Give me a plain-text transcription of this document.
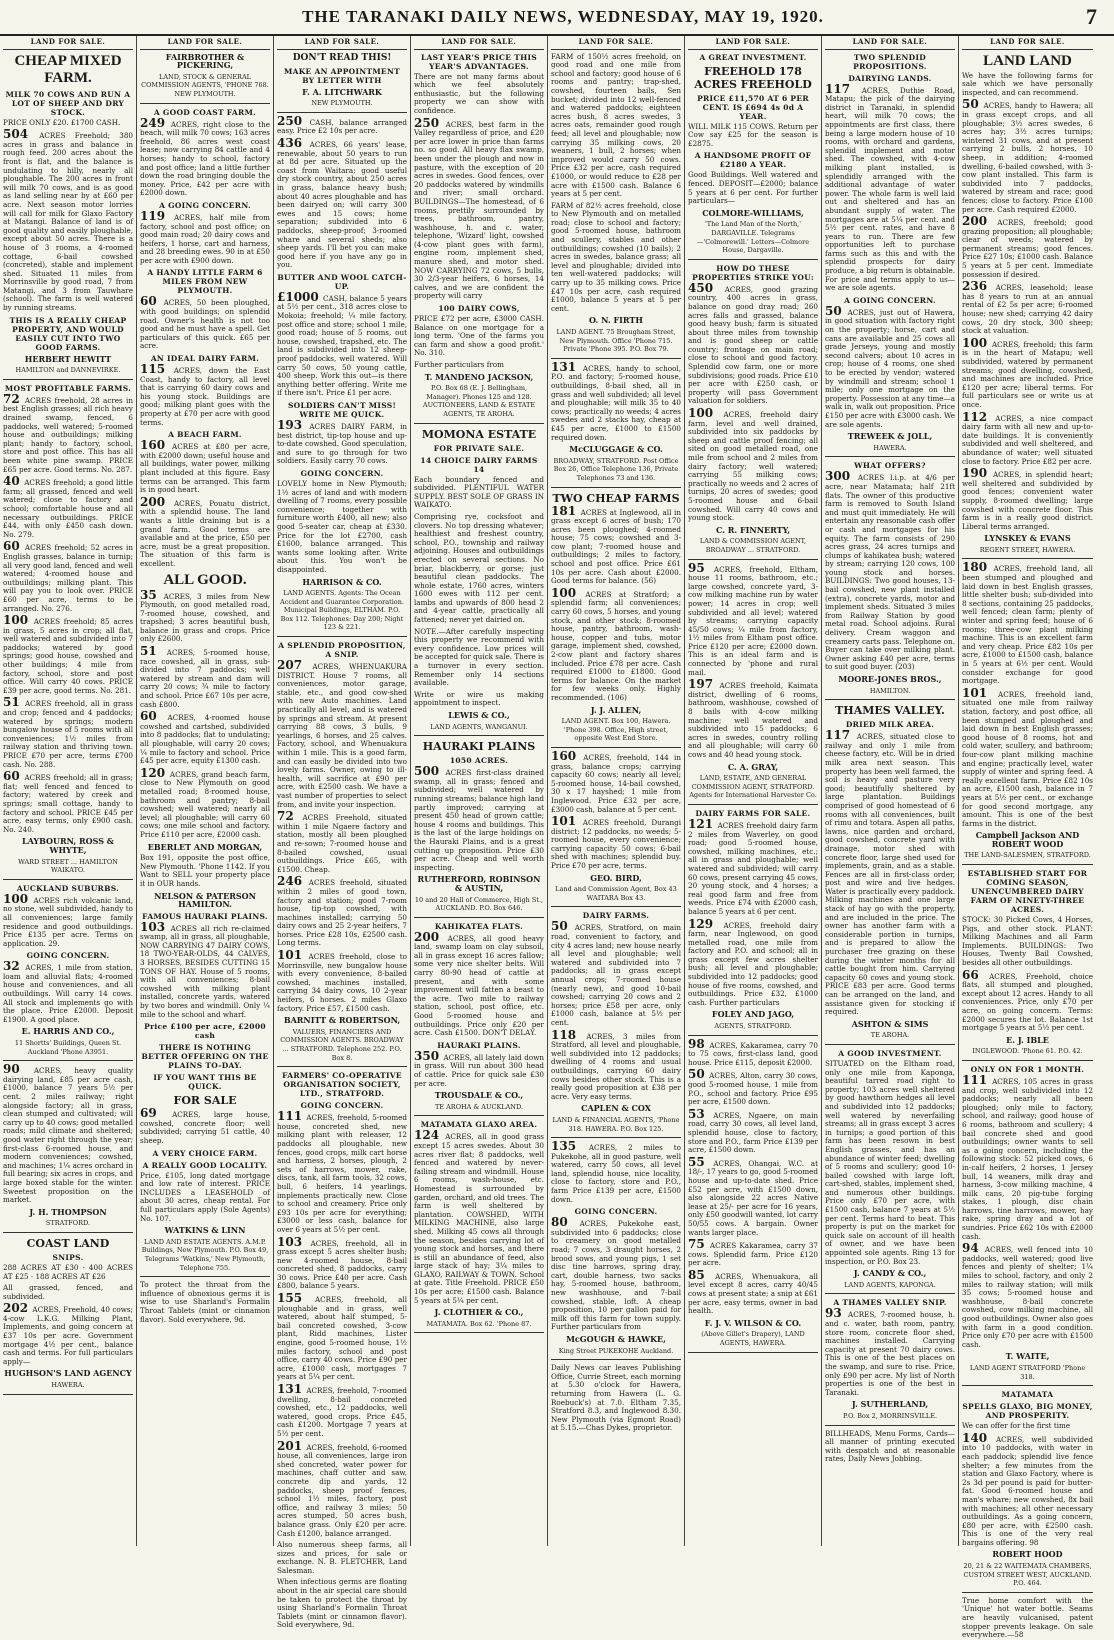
THE TARANAKI DAILY NEWS, WEDNESDAY, MAY 19, 1920.	7
LAND FOR SALE.
CHEAP MIXED FARM.
MILK 70 COWS AND RUN A LOT OF SHEEP AND DRY STOCK.

PRICE ONLY £20. £1700 CASH.

504 ACRES Freehold; 380 acres in grass and balance in rough feed. 200 acres about the front is flat, and the balance is undulating to hilly, nearly all ploughable. The 200 acres in front will milk 70 cows, and is as good as land selling near by at £60 per acre. Next season motor lorries will call for milk for Glaxo Factory at Matangi. Balance of land is of good quality and easily ploughable, except about 50 acres. There is a house of 3 rooms, a 4-roomed cottage, 6-bail cowshed (concreted), stable and implement shed. Situated 11 miles from Morrinsville by good road, 7 from Matangi, and 3 from Tauwhare (school). The farm is well watered by running streams.

THIS IS A REALLY CHEAP PROPERTY, AND WOULD EASILY CUT INTO TWO GOOD FARMS.
HERBERT HEWITT
HAMILTON and DANNEVIRKE.
MOST PROFITABLE FARMS.

72 ACRES freehold, 28 acres in best English grasses; all rich heavy drained swamp, fenced, 6 paddocks, well watered; 5-roomed house and outbuildings; milking plant; handy to factory, school, store and post office. This has all been white pine swamp. PRICE £65 per acre. Good terms. No. 287.

40 ACRES freehold; a good little farm; all grassed, fenced and well watered; close to factory and school; comfortable house and all necessary outbuildings. PRICE £44, with only £450 cash down. No. 279.

60 ACRES freehold; 52 acres in English grasses, balance in turnip; all very good land, fenced and well watered; 4-roomed house and outbuildings; milking plant. This will pay you to look over. PRICE £60 per acre, terms to be arranged. No. 276.

100 ACRES freehold; 85 acres in grass, 5 acres in crop; all flat, well watered and subdivided into 7 paddocks; watered by good springs; good house, cowshed and other buildings; 4 mile from factory, school, store and post office. Will carry 40 cows. PRICE £39 per acre, good terms. No. 281.

51 ACRES freehold, all in grass and crop; fenced and 4 paddocks; watered by springs; modern bungalow house of 5 rooms with all conveniences; 1½ miles from railway station and thriving town. PRICE £70 per acre, terms £700 cash. No. 288.

60 ACRES freehold; all in grass; flat; well fenced and fenced to factory; watered by creek and springs; small cottage, handy to factory and school. PRICE £45 per acre, easy terms, only £900 cash. No. 240.

LAYBOURN, ROSS & WHYTE,
WARD STREET ... HAMILTON WAIKATO.
AUCKLAND SUBURBS.

100 ACRES rich volcanic land, no stone, well subdivided, handy to all conveniences; large family residence and good outbuildings. Price £135 per acre. Terms on application. 29.

GOING CONCERN.

32 ACRES, 1 mile from station, loam and alluvial flats; 4-roomed house and conveniences, and all outbuildings. Will carry 14 cows. All stock and implements go with the place. Price £2000. Deposit £1900. A good place.

E. HARRIS AND CO.,
11 Shortts' Buildings, Queen St. Auckland 'Phone A3951.

90 ACRES, heavy quality dairying land, £85 per acre cash, £1000, balance 7 years 5½ per cent. 2 miles railway; right alongside factory; all in grass, clean stumped and cultivated; will carry up to 40 cows; good metalled roads; mild climate and sheltered; good water right through the year; first-class 6-roomed house, and modern conveniences; cowshed, and machines; 1¼ acres orchard in full bearing; six acres in crops, and large boxed stable for the winter. Sweetest proposition on the market.

J. H. THOMPSON
STRATFORD.
COAST LAND
SNIPS.

288 ACRES AT £30 · 400 ACRES AT £25 · 188 ACRES AT £26

All grassed, fenced, and subdivided.

202 ACRES, Freehold, 40 cows; 4-cow L.K.G. Milking Plant, Implements, and going concern at £37 10s per acre. Government mortgage 4½ per cent., balance cash and terms. For full particulars apply—

HUGHSON'S LAND AGENCY
HAWERA.
LAND FOR SALE.
FAIRBROTHER & PICKERING,
LAND, STOCK & GENERAL COMMISSION AGENTS, 'PHONE 768. NEW PLYMOUTH.
A GOOD COAST FARM.

249 ACRES, right close to the beach, will milk 70 cows; 163 acres freehold, 86 acres west coast lease; now carrying 84 cattle and 4 horses; handy to school, factory and post office; land a little further down the road bringing double the money. Price, £42 per acre with £2000 down.

A GOING CONCERN.

119 ACRES, half mile from factory, school and post office; on good main road; 20 dairy cows and heifers, 1 horse, cart and harness, and 28 breeding ewes. 90 in at £50 per acre with £900 down.

A HANDY LITTLE FARM 6 MILES FROM NEW PLYMOUTH.

60 ACRES, 50 been ploughed, with good buildings; on splendid road. Owner's health is not too good and he must have a spell. Get particulars of this quick. £65 per acre.

AN IDEAL DAIRY FARM.

115 ACRES, down the East Coast, handy to factory, all level that is carrying 60 dairy cows and his young stock. Buildings are good; milking plant goes with the property at £70 per acre with good terms.

A BEACH FARM.

160 ACRES at £80 per acre, with £2000 down; useful house and all buildings, water power, milking plant included at this figure. Easy terms can be arranged. This farm is in good heart.

200 ACRES, Pouatu district, with a splendid house. The land wants a little draining but is a grand farm. Good terms are available and at the price, £50 per acre, must be a great proposition. The situation of this farm is excellent.

ALL GOOD.

35 ACRES, 3 miles from New Plymouth, on good metalled road, 7-roomed house, cowshed, and trapshed; 3 acres beautiful bush, balance in grass and crops. Price only £2600.

51 ACRES, 5-roomed house, race cowshed, all in grass, sub-divided into 7 paddocks; well watered by stream and dam will carry 20 cows; ¾ mile to factory and school. Price £67 10s per acre, cash £800.

60 ACRES, 4-roomed house cowshed and cartshed, subdivided into 8 paddocks; flat to undulating; all ploughable, will carry 20 cows; ¼ mile to factory and school. Price £45 per acre, equity £1300 cash.

120 ACRES, grand beach farm, close to New Plymouth on good metalled road; 8-roomed house, bathroom and pantry; 8-bail cowshed; well watered; nearly all level; all ploughable; will carry 60 cows; one mile school and factory. Price £110 per acre, £2000 cash.

EBERLET AND MORGAN,

Box 191, opposite the post office, New Plymouth. 'Phone 1142. If you Want to SELL your property place it in OUR hands.

NELSON & PATERSON HAMILTON.
FAMOUS HAURAKI PLAINS.

103 ACRES all rich re-claimed swamp, all in grass, all ploughable, NOW CARRYING 47 DAIRY COWS, 18 TWO-YEAR-OLDS, 44 CALVES, 3 HORSES, BESIDES CUTTING 15 TONS OF HAY. House of 5 rooms, with all conveniences; 8-bail cowshed with milking plant installed, concrete yards, watered by two bores and windmill. Only ¼ mile to the school and wharf.

Price £100 per acre, £2000 cash
THERE IS NOTHING BETTER OFFERING ON THE PLAINS TO-DAY.
IF YOU WANT THIS BE QUICK.
FOR SALE

69 ACRES, large house, cowshed, concrete floor; well subdivided; carrying 51 cattle, 40 sheep.

A VERY CHOICE FARM.
A REALLY GOOD LOCALITY.

Price, £105, long dated mortgage and low rate of interest. PRICE INCLUDES a LEASEHOLD of about 30 acres, cheap rental. For full particulars apply (Sole Agents) No. 107.

WATKINS & LINN
LAND AND ESTATE AGENTS. A.M.P. Buildings, New Plymouth. P.O. Box 49, Telegrams 'Watkins,' New Plymouth, Telephone 755.

To protect the throat from the influence of obnoxious germs it is wise to use Sharland's Formalin Throat Tablets (mint or cinnamon flavor). Sold everywhere, 9d.

LAND FOR SALE.
DON'T READ THIS!
MAKE AN APPOINTMENT BY LETTER WITH
F. A. LITCHWARK
NEW PLYMOUTH.

250 CASH, balance arranged easy. Price £2 10s per acre.

436 ACRES, 66 years' lease, renewable, about 50 years to run at 8d per acre. Situated up the coast from Waitara; good useful dry stock country, about 250 acres in grass, balance heavy bush; about 40 acres ploughable and has been dairyed on; will carry 300 ewes and 15 cows; home separation; subdivided into 6 paddocks, sheep-proof; 3-roomed whare and several sheds; also sheep yards. I'll bet you can make good here if you have any go in you.

BUTTER AND WOOL CATCH-UP.

£1000 CASH, balance 5 years at 5½ per cent., 318 acres close to Mokoia; freehold; ¼ mile factory, post office and store; school 1 mile, good road; house of 5 rooms, out house, cowshed, trapshed, etc. The land is subdivided into 12 sheep-proof paddocks, well watered. Will carry 50 cows, 50 young cattle, 400 sheep. Work this out—is there anything better offering. Write me if there isn't. Price £1 per acre.

SOLDIERS CAN'T MISS! WRITE ME QUICK.

193 ACRES DAIRY FARM, in best district, tip-top house and up-to-date cowshed. Good speculation, and sure to go through for two soldiers. Easily carry 70 cows.

GOING CONCERN.

LOVELY home in New Plymouth; 1½ acres of land and with modern dwelling of 7 rooms, every possible convenience; together with furniture worth £400, all new; also good 5-seater car, cheap at £330. Price for the lot £2700, cash £1600, balance arranged. This wants some looking after. Write about this. You won't be disappointed.

HARRISON & CO.
LAND AGENTS. Agents: The Ocean Accident and Guarantee Corporation. Municipal Buildings, ELTHAM. P.O. Box 112. Telephones: Day 200; Night 123 & 221.
A SPLENDID PROPOSITION, A SNIP.

207 ACRES, WHENUAKURA DISTRICT. House 7 rooms, all conveniences, motor garage, stable, etc., and good cow-shed with new Auto machines. Land practically all level, and is watered by springs and stream. At present carrying 88 cows, 3 bulls, 9 yearlings, 6 horses, and 25 calves. Factory, school, and Whenuakura within 1 mile. This is a good farm, and can easily be divided into two lovely farms. Owner, owing to ill-health, will sacrifice at £90 per acre, with £2500 cash. We have a vast number of properties to select from, and invite your inspection.

72 ACRES Freehold, situated within 1 mile Ngaere factory and station, mostly all been ploughed and re-sown; 7-roomed house and 8-bailed cowshed, usual outbuildings. Price £65, with £1500. Cheap.

246 ACRES freehold, situated within 2 miles of good town, factory and station; good 7-room house, tip-top cowshed, with machines installed; carrying 50 dairy cows and 25 2-year heifers, 7 horses. Price £28 10s, £2500 cash. Long terms.

101 ACRES freehold, close to Morrinsville, new bungalow house with every convenience, 8-bailed cowshed, machines installed, carrying 34 dairy cows, 10 2-year heifers, 6 horses. 2 miles Glaxo factory. Price £57, £1500 cash.

BARNITT & ROBERTSON,
VALUERS, FINANCIERS AND COMMISSION AGENTS. BROADWAY ... STRATFORD. Telephone 252. P.O. Box 8.
FARMERS' CO-OPERATIVE ORGANISATION SOCIETY, LTD., STRATFORD.
GOING CONCERN.

111 ACRES, freehold, 5-roomed house, concreted shed, new milking plant with releaser, 12 paddocks all ploughable, new fences, good crops, milk cart horse and harness, 2 horses, plough, 2 sets of harrows, mower, rake, discs, tank, all farm tools, 32 cows, bull, 6 heifers, 14 yearlings, implements practically new. Close to school and creamery. Price only £93 10s per acre for everything; £3000 or less cash, balance for over 6 years at 5½ per cent.

103 ACRES, freehold, all in grass except 5 acres shelter bush; new 4-roomed house, 8-bail concreted shed, 8 paddocks, carry 30 cows. Price £40 per acre. Cash £800, balance 5 years.

155 ACRES, freehold, all ploughable and in grass, well watered, about half stumped, 5-bail concreted cowshed, 3-cow plant, Ridd machines, Lister engine, good 5-roomed house, 1½ miles factory, school and post office, carry 40 cows. Price £90 per acre, £1000 cash, mortgages 7 years at 5¼ per cent.

131 ACRES, freehold, 7-roomed dwelling, 8-bail concreted cowshed, etc., 12 paddocks, well watered, good crops. Price £45, cash £1200. Mortgage 7 years at 5½ per cent.

201 ACRES, freehold, 6-roomed house, all conveniences, large iron shed concreted, water power for machines, chaff cutter and saw, concrete dip and yards, 12 paddocks, sheep proof fences, school 1½ miles, factory, post office, and railway 3 miles; 50 acres stumped, 50 acres bush, balance grass. Only £20 per acre. Cash £1200, balance arranged.

Also numerous sheep farms, all sizes and prices, for sale or exchange. N. B. FLETCHER, Land Salesman.

When infectious germs are floating about in the air special care should be taken to protect the throat by using Sharland's Formalin Throat Tablets (mint or cinnamon flavor). Sold everywhere, 9d.

LAND FOR SALE.
LAST YEAR'S PRICE THIS YEAR'S ADVANTAGES.

There are not many farms about which we feel absolutely enthusiastic, but the following property we can show with confidence.

250 ACRES, best farm in the Valley regardless of price, and £20 per acre lower in price than farms no. so good. All heavy flax swamp, been under the plough and now in pasture, with the exception of 20 acres in swedes. Good fences, over 20 paddocks watered by windmills and river; small orchard. BUILDINGS—The homestead, of 6 rooms, prettily surrounded by trees, bathroom, pantry, washhouse, h. and c. water, telephone, 'Wizard' light, cowshed (4-cow plant goes with farm), engine room, implement shed, manure shed, and motor shed. NOW CARRYING 72 cows, 5 bulls, 30 2/3-year heifers, 6 horses, 14 calves, and we are confident the property will carry

100 DAIRY COWS,

PRICE £72 per acre, £3000 CASH. Balance on one mortgage for a long term. 'One of the farms you can farm and show a good profit.' No. 310.

Further particulars from

T. MANDENO JACKSON,
P.O. Box 68 (E. J. Bellingham, Manager). Phones 125 and 128. AUCTIONEERS, LAND & ESTATE AGENTS, TE AROHA.
MOMONA ESTATE
FOR PRIVATE SALE.
14 CHOICE DAIRY FARMS 14

Each boundary fenced and subdivided. PLENTIFUL WATER SUPPLY. BEST SOLE OF GRASS IN WAIKATO.

Comprising rye, cocksfoot and clovers. No top dressing whatever; healthiest and freshest country, school, P.O., township and railway adjoining. Houses and outbuildings erected on several sections. No briar, blackberry, or gorse; just beautiful clean paddocks. The whole estate, 1760 acres, winters 1600 ewes with 112 per cent. lambs and upwards of 800 head 2 and 4-year cattle, practically all fattened; never yet dairied on.

NOTE.—After carefully inspecting this property we recommend with every confidence. Low prices will be accepted for quick sale. There is a turnover in every section. Remember only 14 sections available.

Write or wire us making appointment to inspect.

LEWIS & CO.,
LAND AGENTS, WANGANUI.
HAURAKI PLAINS
1050 ACRES.

500 ACRES first-class drained swamp, all in grass; fenced and subdivided; well watered by running streams; balance high land partly improved; carrying at present 450 head of grown cattle; house 4 rooms and buildings. This is the last of the large holdings on the Hauraki Plains, and is a great cutting up proposition. Price £30 per acre. Cheap and well worth inspecting.

RUTHERFORD, ROBINSON & AUSTIN,
10 and 20 Hall of Commerce, High St., AUCKLAND. P.O. Box 646.
KAHIKATEA FLATS.

200 ACRES, all good heavy land, swamp loam on clay subsoil, all in grass except 16 acres fallow; some very nice shelter belts. Will carry 80-90 head of cattle at present, and with some improvement will fatten a beast to the acre. Two mile to railway station, school, post office, etc. Good 5-roomed house and outbuildings. Price only £20 per acre. Cash £1500. DON'T DELAY.

HAURAKI PLAINS.

350 ACRES, all lately laid down in grass. Will run about 300 head of cattle. Price for quick sale £30 per acre.

TROUSDALE & CO.,
TE AROHA & AUCKLAND.
MATAMATA GLAXO AREA.

124 ACRES, all in good grass except 15 acres swedes. About 30 acres river flat; 8 paddocks, well fenced and watered by never-failing stream and windmill. House 6 rooms, wash-house, etc. Homestead is surrounded by garden, orchard, and old trees. The farm is well sheltered by plantation. COWSHED, WITH MILKING MACHINE, also large shed. Milking 45 cows all through the season, besides carrying lot of young stock and horses, and there is still an abundance of feed, also large stack of hay; 3¼ miles to GLAXO, RAILWAY & TOWN. School at gate. Title Freehold. PRICE £50 10s per acre; £1500 cash. Balance 5 years at 5¼ per cent.

J. CLOTHIER & CO.,
MATAMATA. Box 62. 'Phone 87.
LAND FOR SALE.

FARM of 150½ acres freehold, on good road and one mile from school and factory; good house of 6 rooms and pantry; trap-shed, cowshed, fourteen bails, Sen bucket; divided into 12 well-fenced and watered paddocks; eighteen acres bush, 8 acres swedes, 3 acres oats, remainder good rough feed; all level and ploughable; now carrying 35 milking cows, 20 weaners, 1 bull, 2 horses; when improved would carry 50 cows. Price £32 per acre, cash required £1000, or would reduce to £28 per acre with £1500 cash. Balance 6 years at 5 per cent.

FARM of 82½ acres freehold, close to New Plymouth and on metalled road; close to school and factory; good 5-roomed house, bathroom and scullery, stables and other outbuildings; cowshed (10 bails); 2 acres in swedes, balance grass; all level and ploughable; divided into ten well-watered paddocks; will carry up to 35 milking cows. Price £47 10s per acre, cash required £1000, balance 5 years at 5 per cent.

O. N. FIRTH
LAND AGENT. 75 Brougham Street, New Plymouth. Office 'Phone 715. Private 'Phone 395. P.O. Box 79.

131 ACRES, handy to school, P.O. and factory; 5-roomed house, outbuildings, 8-bail shed, all in grass and well subdivided; all level and ploughable; will milk 35 to 40 cows; practically no weeds; 4 acres swedes and 2 stacks hay, cheap at £45 per acre, £1000 to £1500 required down.

McCLUGGAGE & CO.
BROADWAY, STRATFORD. Post Office Box 26, Office Telephone 136, Private Telephones 73 and 136.
TWO CHEAP FARMS

181 ACRES at Inglewood, all in grass except 6 acres of bush; 170 acres been ploughed; 4-roomed house; 75 cows; cowshed and 3-cow plant; 7-roomed house and outbuildings; 2 miles to factory, school and post office. Price £61 10s per acre. Cash about £2000. Good terms for balance. (56)

100 ACRES at Stratford; a splendid farm; all conveniences; carry 60 cows, 5 horses, and young stock, and other stock; 8-roomed house, pantry, bathroom, wash-house, copper and tubs, motor garage, implement shed, cowshed, 2-cow plant and factory shares included. Price £78 per acre. Cash required £1000 to £1800. Good terms for balance. On the market for few weeks only. Highly recommended. (106)

J. J. ALLEN,
LAND AGENT. Box 100, Hawera. 'Phone 398. Office, High street, opposite West End Store.

160 ACRES, freehold, 144 in grass, balance crops; carrying capacity 60 cows; nearly all level; 5-roomed house, 14-bail cowshed, 30 x 17 hayshed; 1 mile from Inglewood. Price £32 per acre, £3000 cash, balance at 5 per cent.

101 ACRES freehold, Durangi district; 12 paddocks, no weeds; 5-roomed house, every convenience; carrying capacity 50 cows; 6-bail shed with machines; splendid buy. Price £70 per acre, terms.

GEO. BIRD,
Land and Commission Agent, Box 43 WAITARA Box 43.
DAIRY FARMS.

50 ACRES, Stratford, on main road, convenient to factory, and city 4 acres land; new house nearly all level and ploughable; well watered and subdivided into 7 paddocks; all in grass except annual crops; 7-roomed house (nearly new), and good 10-bail cowshed; carrying 20 cows and 2 horses; price £58 per acre, only £1000 cash, balance at 5½ per cent.

118 ACRES, 3 miles from Stratford, all level and ploughable, well subdivided into 12 paddocks; dwelling of 4 rooms and usual outbuildings, carrying 60 dairy cows besides other stock. This is a really good proposition at £38 per acre. Very easy terms.

CAPLEN & COX
LAND & FINANCIAL AGENTS, 'Phone 318. HAWERA. P.O. Box 125.

135 ACRES, 2 miles to Pukekohe, all in good pasture, well watered, carry 50 cows, all level land, splendid house, nice locality, close to factory, store and P.O., farm Price £139 per acre, £1500 down.

GOING CONCERN.

80 ACRES, Pukekohe east, subdivided into 6 paddocks; close to creamery on good metalled road; 7 cows, 3 draught horses, 2 brood sows, and young pigs, 1 set disc tine harrows, spring dray, cart, double harness, two sacks hay, 5-roomed house, bathroom, new washhouse, and 7-bail cowshed, stable, loft. A cheap proposition, 10 per gallon paid for milk off this farm for town supply. Further particulars from

McGOUGH & HAWKE,
King Street PUKEKOHE Auckland.

Daily News car leaves Publishing Office, Currie Street, each morning at 5.30 o'clock for Hawera, returning from Hawera (L. G. Roebuck's) at 7.0. Eltham 7.35, Stratford 8.3, and Inglewood 8.30. New Plymouth (via Egmont Road) at 5.15.—Chas Dykes, proprietor.

LAND FOR SALE.
A GREAT INVESTMENT.
FREEHOLD 178 ACRES FREEHOLD
PRICE £11,570 AT 6 PER CENT. IS £694 4s 0d A YEAR.

WILL MILK 115 COWS. Return per Cow say £25 for the season is £2875.

A HANDSOME PROFIT OF £2180 A YEAR.

Good Buildings. Well watered and fenced. DEPOSIT—£2000; balance 5 years at 6 per cent. For further particulars—

COLMORE-WILLIAMS,
'The Land Man of the North,' DARGAVILLE. Telegrams—'Colmorewill.' Letters—Colmore House, Dargaville.
HOW DO THESE PROPERTIES STRIKE YOU:

450 ACRES, good grazing country, 400 acres in grass, balance on good dray road; 260 acres falls and grassed, balance good heavy bush; farm is situated about three miles from township and is good sheep or cattle country; frontage on main road; close to school and good factory. Splendid cow farm, one or more subdivisions; good roads. Price £10 per acre with £250 cash, or property will pass Government valuation for soldiers.

100 ACRES, freehold dairy farm, level and well drained, subdivided into six paddocks by sheep and cattle proof fencing; all sited on good metalled road, one mile from school and 2 miles from dairy factory; well watered; carrying 55 milking cows; practically no weeds and 2 acres of turnips, 20 acres of swedes; good 5-roomed house and 6-bail cowshed. Will carry 40 cows and young stock.

C. R. FINNERTY,
LAND & COMMISSION AGENT, BROADWAY ... STRATFORD.

95 ACRES, freehold, Eltham, house 11 rooms, bathroom, etc.; large cowshed, concrete yard, 3-cow milking machine run by water power; 14 acres in crop; well subdivided and all level; watered by streams; carrying capacity 45/50 cows; ¼ mile from factory, 1½ miles from Eltham post office. Price £120 per acre; £2000 down. This is an ideal farm and is connected by 'phone and rural mail.

197 ACRES freehold, Kaimata district, dwelling of 6 rooms, bathroom, washhouse, cowshed of 8 bails with 4-cow milking machine; well watered and subdivided into 15 paddocks; 6 acres in swedes, country rolling and all ploughable; will carry 60 cows and 40 head young stock.

C. A. GRAY,
LAND, ESTATE, AND GENERAL COMMISSION AGENT, STRATFORD. Agents for International Harvester Co.
DAIRY FARMS FOR SALE.

121 ACRES freehold dairy farm 2 miles from Waverley, on good road; good 5-roomed house, cowshed, milking machines, etc.; all in grass and ploughable; well watered and subdivided; will carry 60 cows, present carrying 45 cows, 20 young stock, and 4 horses; a real good farm and free from weeds. Price £74 with £2000 cash, balance 5 years at 6 per cent.

129 ACRES, freehold dairy farm, near Inglewood, on good metalled road, one mile from factory and P.O. and school; all in grass except few acres shelter bush; all level and ploughable; subdivided into 12 paddocks; good house of five rooms, cowshed, and outbuildings. Price £32, £1000 cash. Further particulars

FOLEY AND JAGO,
AGENTS, STRATFORD.

98 ACRES, Kakaramea, carry 70 to 75 cows, first-class land, good house. Price £115, deposit £2000.

50 ACRES, Alton, carry 30 cows, good 5-roomed house, 1 mile from P.O., school and factory. Price £95 per acre, £1500 down.

53 ACRES, Ngaere, on main road, carry 30 cows, all level land, splendid house, close to factory, store and P.O., farm Price £139 per acre, £1500 down.

55 ACRES, Ohangai, W.C. at 18/-, 17 years to go, good 5-roomed house and up-to-date shed. Price £52 per acre, with £1500 down, also alongside 22 acres Native lease at 25/- per acre for 16 years, only £50 goodwill wanted, lot carry 50/55 cows. A bargain. Owner wants larger place.

75 ACRES Kakaramea, carry 37 cows. Splendid farm. Price £120 per acre.

85 ACRES, Whenuakura, all level except 8 acres, carry 40/45 cows at present state; a snip at £61 per acre, easy terms, owner in bad health.

F. J. V. WILSON & CO.
(Above Gillet's Drapery), LAND AGENTS, HAWERA.
LAND FOR SALE.
TWO SPLENDID PROPOSITIONS.
DAIRYING LANDS.

117 ACRES, Duthie Road, Matapu; the pick of the dairying district in Taranaki, in splendid heart, will milk 70 cows; the appointments are first class, there being a large modern house of 10 rooms, with orchard and gardens, splendid implement and motor shed. The cowshed, with 4-cow milking plant installed, is splendidly arranged with the additional advantage of water power. The whole farm is well laid out and sheltered and has an abundant supply of water. The mortgages are at 5¼ per cent. and 5½ per cent. rates, and have 8 years to run. There are few opportunities left to purchase farms such as this and with the splendid prospects for dairy produce, a big return is obtainable. For price and terms apply to us—we are sole agents.

A GOING CONCERN.

50 ACRES, just out of Hawera, in good situation with factory right on the property; horse, cart and cans are available and 25 cows all grade Jerseys, young and mostly second calvers; about 10 acres in crop; house of 4 rooms, one shed to be erected by vendor; watered by windmill and stream; school 1 mile; only one mortgage on the property. Possession at any time—a walk in, walk out proposition. Price £150 per acre with £3000 cash. We are sole agents.

TREWEEK & JOLL,
HAWERA.
WHAT OFFERS?

300 ACRES l.i.p. at 4/6 per acre, near Matamata; half 21ft flats. The owner of this productive farm is removed to South Island and must quit immediately. He will entertain any reasonable cash offer or cash and mortgages for his equity. The farm consists of 290 acres grass, 24 acres turnips and clumps of kahikatea bush; watered by stream; carrying 120 cows, 100 young stock and horses. BUILDINGS: Two good houses, 13-bail cowshed, new plant installed (extra), concrete yards, motor and implement sheds. Situated 3 miles from Railway Station by good metal road. School adjoins. Rural delivery. Cream waggon and creamery carts pass. Telephone on. Buyer can take over milking plant. Owner asking £40 per acre, terms to suit good buyer. (203)

MOORE-JONES BROS.,
HAMILTON.
THAMES VALLEY.
DRIED MILK AREA.

117 ACRES, situated close to railway and only 1 mile from cheese factory, etc. Will be in dried milk area next season. This property has been well farmed, the soil is heavy and pasture very good; beautifully sheltered by large plantation. Buildings comprised of good homestead of 6 rooms with all conveniences, built of rimu and totara. Aspen all paths, lawns, nice garden and orchard, good cowshed, concrete yard with drainage, motor shed with concrete floor, large shed used for implements, grain, and as a stable. Fences are all in first-class order, post and wire and live hedges. Water is practically every paddock. Milking machines and one large stack of hay go with the property, and are included in the price. The owner has another farm with a considerable portion in turnips, and is prepared to allow the purchaser free grazing on these during the winter months for all cattle bought from him. Carrying capacity 60 cows and young stock. PRICE £83 per acre. Good terms can be arranged on the land, and assistance given for stocking if required.

ASHTON & SIMS
TE AROHA.
A GOOD INVESTMENT.

SITUATED on the Eltham road, only one mile from Kaponga, beautiful tarred road right to property; 103 acres well sheltered by good hawthorn hedges all level and subdivided into 12 paddocks; well watered by neverfailing streams; all in grass except 3 acres in turnips; a good portion of this farm has been resown in best English grasses, and has an abundance of winter feed; dwelling of 5 rooms and scullery; good 10-bailed cowshed with large loft, cart-shed, stables, implement shed, and numerous other buildings. Price only £70 per acre, with £1500 cash, balance 7 years at 5½ per cent. Terms hard to beat. This property is put on the market for quick sale on account of ill health of owner, and we have been appointed sole agents. Ring 13 for inspection, or P.O. Box 23.

J. CANDY & CO.,
LAND AGENTS, KAPONGA.
A THAMES VALLEY SNIP.

93 ACRES, 7-roomed house, h. and c. water, bath room, pantry, store room, concrete floor shed, machines installed. Carrying capacity at present 70 dairy cows. This is one of the best places on the swamp, and sure to rise. Price, only £90 per acre. My list of North properties is one of the best in Taranaki.

J. SUTHERLAND,
P.O. Box 2, MORRINSVILLE.

BILLHEADS, Menu Forms, Cards—all manner of printing executed with despatch and at reasonable rates, Daily News Jobbing.

LAND FOR SALE.
LAND LAND

We have the following farms for sale which we have personally inspected, and can recommend.

50 ACRES, handy to Hawera; all in grass except crops, and all ploughable; 3½ acres swedes, 6 acres hay; 3½ acres turnips; wintered 31 cows, and at present carrying 2 bulls, 2 horses, 10 sheep, in addition; 4-roomed dwelling, 6-bailed cowshed, with 3-cow plant installed. This farm is subdivided into 7 paddocks, watered by stream and race; good fences; close to factory. Price £100 per acre. Cash required £2000.

200 ACRES, freehold; good grazing proposition; all ploughable; clear of weeds; watered by permanent streams; good fences. Price £27 10s; £1000 cash. Balance 5 years at 5 per cent. Immediate possession if desired.

236 ACRES, leasehold; lease has 8 years to run at an annual rental of £2 5s per acre; 6-roomed house; new shed; carrying 42 dairy cows, 20 dry stock, 300 sheep; stock at valuation.

100 ACRES, freehold; this farm is in the heart of Matapu; well subdivided, watered by permanent streams; good dwelling, cowshed, and machines are included. Price £120 per acre; liberal terms. For full particulars see or write us at once.

112 ACRES, a nice compact dairy farm with all new and up-to-date buildings. It is conveniently subdivided and well sheltered, and abundance of water; well situated close to factory. Price £82 per acre.

190 ACRES, in splendid heart; well sheltered and subdivided by good fences; convenient water supply, 8-roomed dwelling; large cowshed with concrete floor. This farm is in a really good district. Liberal terms arranged.

LYNSKEY & EVANS
REGENT STREET, HAWERA.

180 ACRES, freehold land, all been stumped and ploughed and laid down in best English grasses, little shelter bush; sub-divided into 8 sections, containing 25 paddocks, well fenced; clean farm; plenty of winter and spring feed; house of 6 rooms; three-cow plant milking machine. This is an excellent farm and very cheap. Price £82 10s per acre, £1000 to £1500 cash, balance in 5 years at 6½ per cent. Would consider exchange for good mortgage.

101 ACRES, freehold land, situated one mile from railway station, factory, and post office, all been stumped and ploughed and laid down in best English grasses; good house of 8 rooms, hot and cold water, scullery, and bathroom; four-cow plant milking machine and engine; practically level, water supply of winter and spring feed. A really excellent farm. Price £82 10s an acre, £1500 cash, balance in 7 years at 5½ per cent., or exchange for good second mortgage, any amount. This is one of the best farms in the district.

Campbell Jackson AND ROBERT WOOD
THE LAND-SALESMEN, STRATFORD.
ESTABLISHED START FOR COMING SEASON, UNENCUMBERED DAIRY FARM OF NINETY-THREE ACRES.

STOCK: 30 Picked Cows, 4 Horses, Pigs, and other stock. PLANT: Milking Machines and all Farm Implements. BUILDINGS: Two Houses, Twenty Bail Cowshed, besides all other outbuildings.

66 ACRES, Freehold, choice flats, all stumped and ploughed, except about 12 acres. Handy to all conveniences. Price, only £70 per acre, on going concern. Terms: £2000 secures the lot. Balance 1st mortgage 5 years at 5½ per cent.

E. J. IBLE
INGLEWOOD. 'Phone 61. P.O. 42.
ONLY ON FOR 1 MONTH.

111 ACRES, 105 acres in grass and crop, well subdivided into 12 paddocks; nearly all been ploughed; only mile to factory, school, and railway; good house of 6 rooms, bathroom and scullery; 4 bail concrete shed and good outbuildings; owner wants to sell as a going concern, including the following stock: 52 picked cows, 6 in-calf heifers, 2 horses, 1 Jersey bull, 14 weaners, milk dray and harness, 3-cow milking machine, 4 milk cans, 20 pig-tube forging stakes, 1 plough, disc chain harrows, tine harrows, mower, hay rake, spring dray and a lot of sundries. Price £62 10s with £2000 cash.

94 ACRES, well fenced into 10 paddocks, well watered; good live fences and plenty of shelter; 1¼ miles to school, factory, and only 2 miles to railway station; will milk 35 cows; 5-roomed house and washhouse, 8-bail concrete cowshed, cow milking machine, all good outbuildings. Owner also goes with farm in a good condition. Price only £70 per acre with £1500 cash.

T. WAITE,
LAND AGENT STRATFORD 'Phone 318.
MATAMATA
SPELLS GLAXO, BIG MONEY, AND PROSPERITY.

We can offer for the first time

140 ACRES, well subdivided into 10 paddocks, with water in each paddock; splendid live fence shelter; a few minutes from the station and Glaxo Factory, where is 2s 3d per pound is paid for butter-fat. Good 6-roomed house and man's whare; new cowshed, 8x bail with machines; all other necessary outbuildings. As a going concern, £80 per acre, with £2500 cash. This is one of the very real bargains offering. 98

ROBERT HOOD
20, 21 & 22 WAITEMATA CHAMBERS, CUSTOM STREET WEST, AUCKLAND. P.O. 464.

True home comfort with the 'Unique' hot water bottle. Seams are heavily vulcanised, patent stopper prevents leakage. On sale everywhere.—58
